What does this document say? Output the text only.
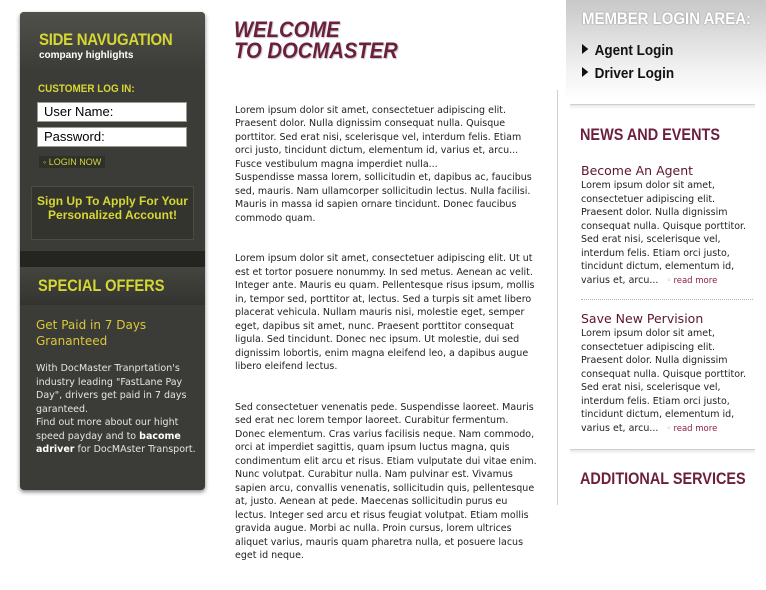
SIDE NAVUGATION
company highlights
CUSTOMER LOG IN:
User Name:
Password:
◦ LOGIN NOW
Sign Up To Apply For Your Personalized Account!
SPECIAL OFFERS
Get Paid in 7 Days Grananteed
With DocMaster Tranprtation's industry leading "FastLane Pay Day", drivers get paid in 7 days garanteed.
Find out more about our hight speed payday and to bacome adriver for DocMAster Transport.
WELCOME
TO DOCMASTER

Lorem ipsum dolor sit amet, consectetuer adipiscing elit. Praesent dolor. Nulla dignissim consequat nulla. Quisque porttitor. Sed erat nisi, scelerisque vel, interdum felis. Etiam orci justo, tincidunt dictum, elementum id, varius et, arcu...
Fusce vestibulum magna imperdiet nulla...
Suspendisse massa lorem, sollicitudin et, dapibus ac, faucibus sed, mauris. Nam ullamcorper sollicitudin lectus. Nulla facilisi. Mauris in massa id sapien ornare tincidunt. Donec faucibus commodo quam.

Lorem ipsum dolor sit amet, consectetuer adipiscing elit. Ut ut est et tortor posuere nonummy. In sed metus. Aenean ac velit. Integer ante. Mauris eu quam. Pellentesque risus ipsum, mollis in, tempor sed, porttitor at, lectus. Sed a turpis sit amet libero placerat vehicula. Nullam mauris nisi, molestie eget, semper eget, dapibus sit amet, nunc. Praesent porttitor consequat ligula. Sed tincidunt. Donec nec ipsum. Ut molestie, dui sed dignissim lobortis, enim magna eleifend leo, a dapibus augue libero eleifend lectus.

Sed consectetuer venenatis pede. Suspendisse laoreet. Mauris sed erat nec lorem tempor laoreet. Curabitur fermentum. Donec elementum. Cras varius facilisis neque. Nam commodo, orci at imperdiet sagittis, quam ipsum luctus magna, quis condimentum elit arcu et risus. Etiam vulputate dui vitae enim. Nunc volutpat. Curabitur nulla. Nam pulvinar est. Vivamus sapien arcu, convallis venenatis, sollicitudin quis, pellentesque at, justo. Aenean at pede. Maecenas sollicitudin purus eu lectus. Integer sed arcu et risus feugiat volutpat. Etiam mollis gravida augue. Morbi ac nulla. Proin cursus, lorem ultrices aliquet varius, mauris quam pharetra nulla, et posuere lacus eget id neque.

MEMBER LOGIN AREA:
Agent Login
Driver Login
NEWS AND EVENTS
Become An Agent
Lorem ipsum dolor sit amet, consectetuer adipiscing elit. Praesent dolor. Nulla dignissim consequat nulla. Quisque porttitor. Sed erat nisi, scelerisque vel, interdum felis. Etiam orci justo, tincidunt dictum, elementum id, varius et, arcu... ◦ read more
Save New Pervision
Lorem ipsum dolor sit amet, consectetuer adipiscing elit. Praesent dolor. Nulla dignissim consequat nulla. Quisque porttitor. Sed erat nisi, scelerisque vel, interdum felis. Etiam orci justo, tincidunt dictum, elementum id, varius et, arcu... ◦ read more
ADDITIONAL SERVICES
